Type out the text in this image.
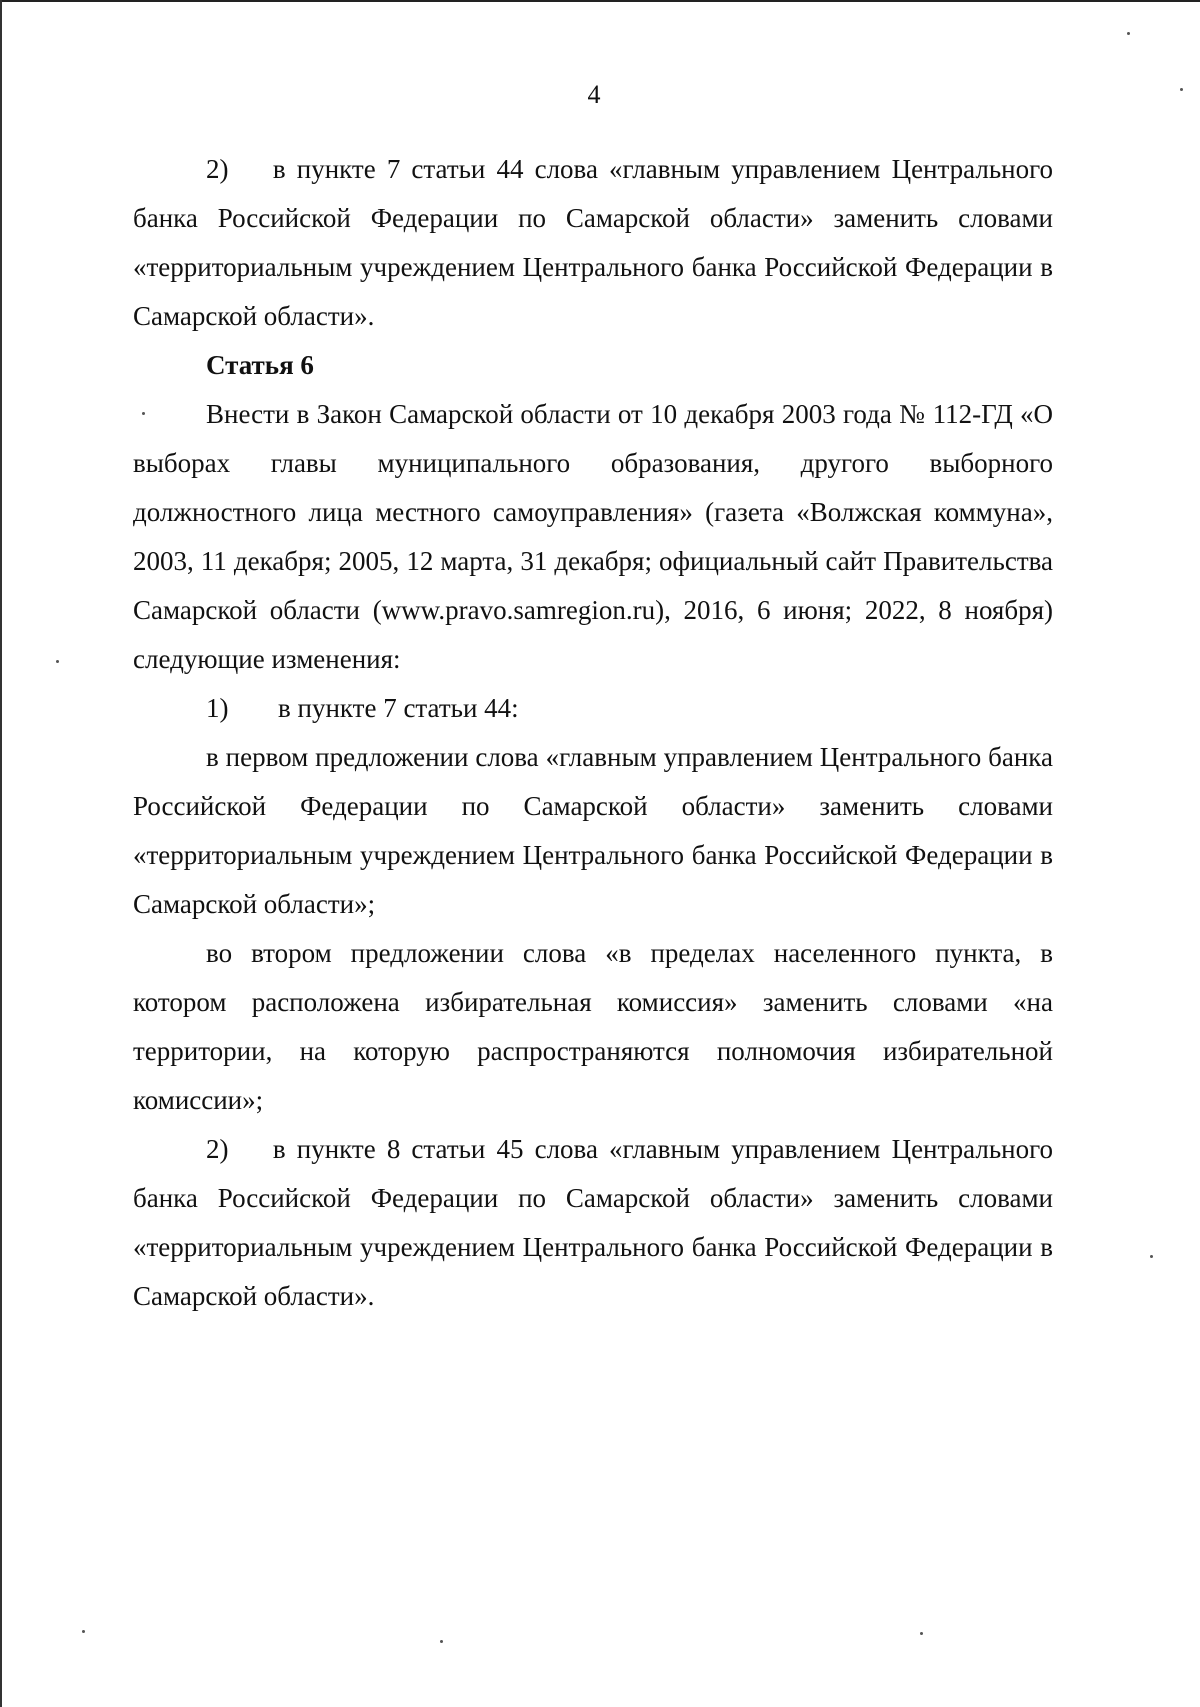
4

2)    в пункте 7 статьи 44 слова «главным управлением Центрального банка Российской Федерации по Самарской области» заменить словами «территориальным учреждением Центрального банка Российской Федерации в Самарской области».

Статья 6

Внести в Закон Самарской области от 10 декабря 2003 года № 112-ГД «О выборах главы муниципального образования, другого выборного должностного лица местного самоуправления» (газета «Волжская коммуна», 2003, 11 декабря; 2005, 12 марта, 31 декабря; официальный сайт Правительства Самарской области (www.pravo.samregion.ru), 2016, 6 июня; 2022, 8 ноября) следующие изменения:

1) в пункте 7 статьи 44:

в первом предложении слова «главным управлением Центрального банка Российской Федерации по Самарской области» заменить словами «территориальным учреждением Центрального банка Российской Федерации в Самарской области»;

во втором предложении слова «в пределах населенного пункта, в котором расположена избирательная комиссия» заменить словами «на территории, на которую распространяются полномочия избирательной комиссии»;

2)    в пункте 8 статьи 45 слова «главным управлением Центрального банка Российской Федерации по Самарской области» заменить словами «территориальным учреждением Центрального банка Российской Федерации в Самарской области».
